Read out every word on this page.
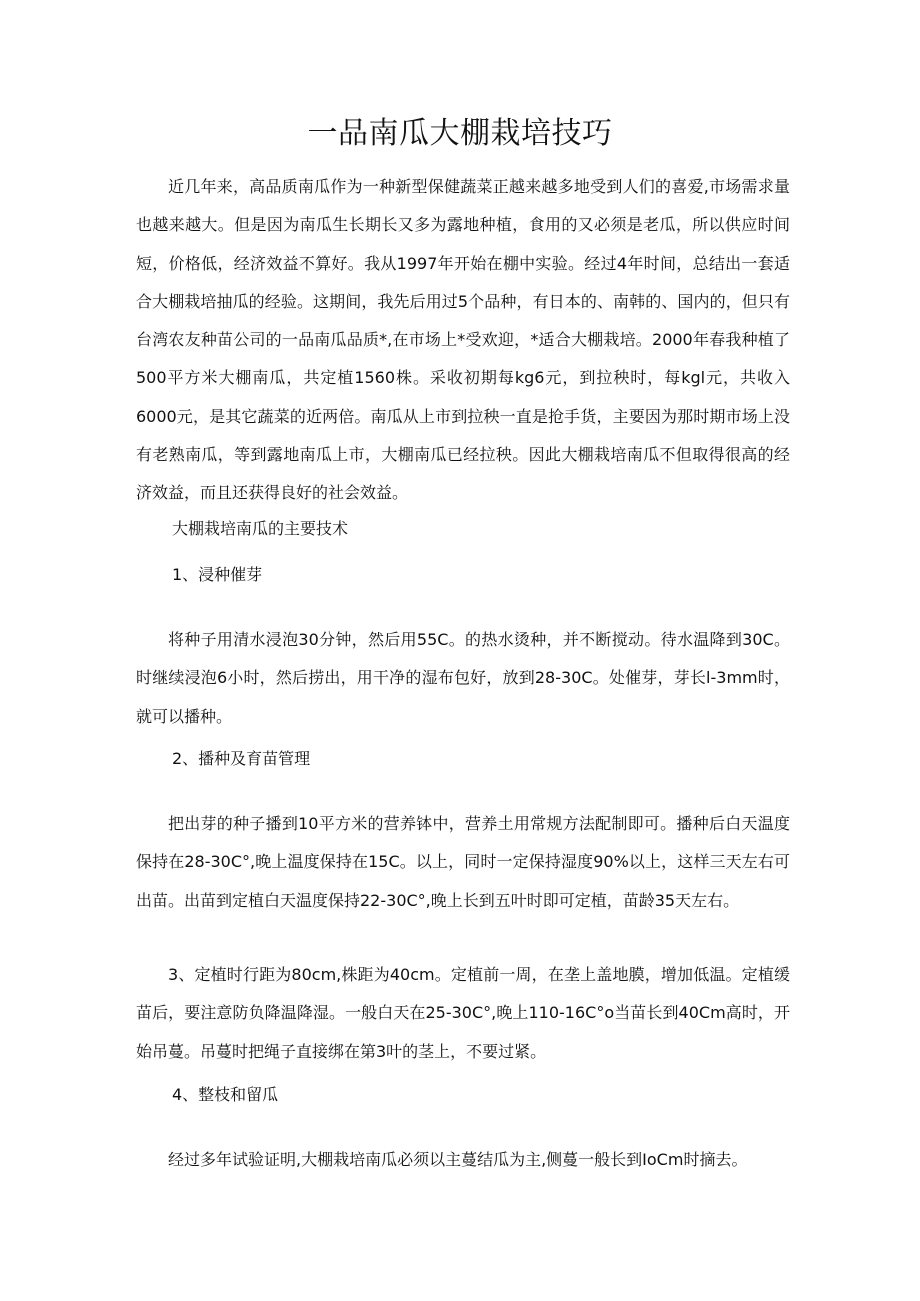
一品南瓜大棚栽培技巧

近几年来，高品质南瓜作为一种新型保健蔬菜正越来越多地受到人们的喜爱,市场需求量也越来越大。但是因为南瓜生长期长又多为露地种植，食用的又必须是老瓜，所以供应时间短，价格低，经济效益不算好。我从1997年开始在棚中实验。经过4年时间，总结出一套适合大棚栽培抽瓜的经验。这期间，我先后用过5个品种，有日本的、南韩的、国内的，但只有台湾农友种苗公司的一品南瓜品质*,在市场上*受欢迎，*适合大棚栽培。2000年春我种植了500平方米大棚南瓜，共定植1560株。采收初期每kg6元，到拉秧时，每kgl元，共收入6000元，是其它蔬菜的近两倍。南瓜从上市到拉秧一直是抢手货，主要因为那时期市场上没有老熟南瓜，等到露地南瓜上市，大棚南瓜已经拉秧。因此大棚栽培南瓜不但取得很高的经济效益，而且还获得良好的社会效益。

大棚栽培南瓜的主要技术

1、浸种催芽

将种子用清水浸泡30分钟，然后用55C。的热水烫种，并不断搅动。待水温降到30C。时继续浸泡6小时，然后捞出，用干净的湿布包好，放到28-30C。处催芽，芽长l-3mm时，就可以播种。

2、播种及育苗管理

把出芽的种子播到10平方米的营养钵中，营养土用常规方法配制即可。播种后白天温度保持在28-30C°,晚上温度保持在15C。以上，同时一定保持湿度90%以上，这样三天左右可出苗。出苗到定植白天温度保持22-30C°,晚上长到五叶时即可定植，苗龄35天左右。

3、定植时行距为80cm,株距为40cm。定植前一周，在垄上盖地膜，增加低温。定植缓苗后，要注意防负降温降湿。一般白天在25-30C°,晚上110-16C°o当苗长到40Cm高时，开始吊蔓。吊蔓时把绳子直接绑在第3叶的茎上，不要过紧。

4、整枝和留瓜

经过多年试验证明,大棚栽培南瓜必须以主蔓结瓜为主,侧蔓一般长到IoCm时摘去。
